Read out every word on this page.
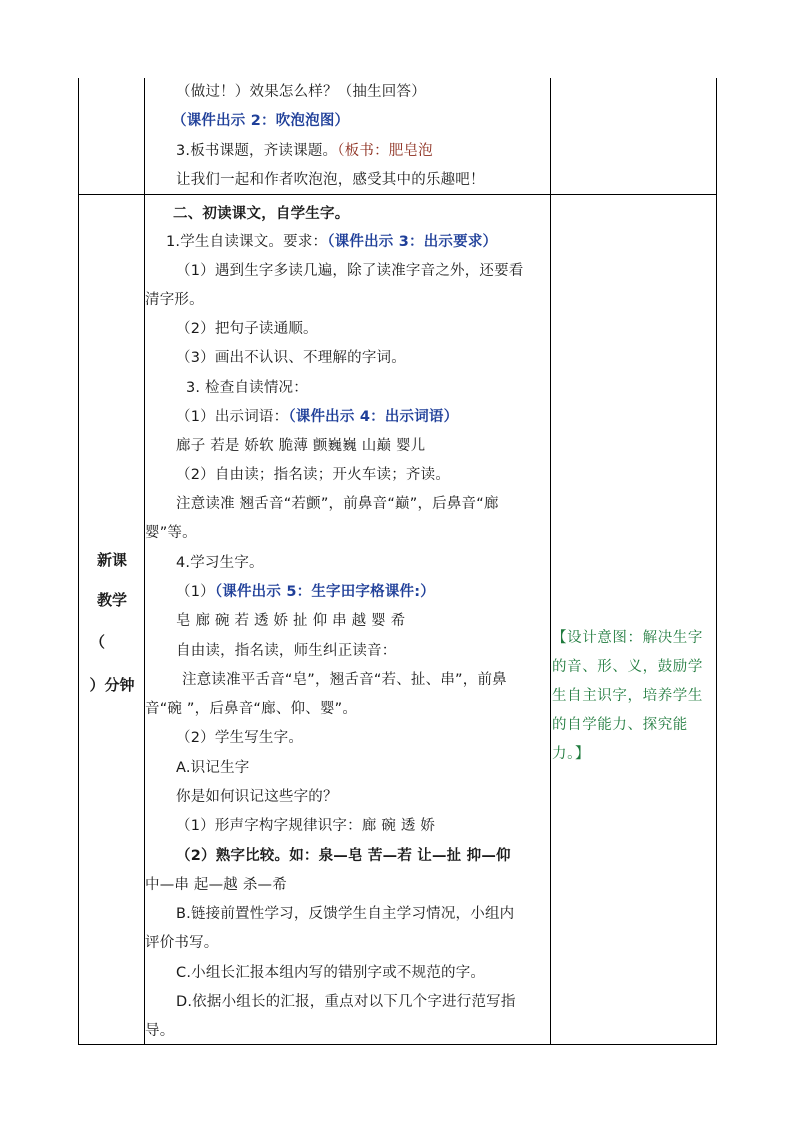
（做过！）效果怎么样？（抽生回答）
（课件出示 2：吹泡泡图）
3.板书课题，齐读课题。（板书：肥皂泡
让我们一起和作者吹泡泡，感受其中的乐趣吧！
新课
教学
（
）分钟
二、初读课文，自学生字。
1.学生自读课文。要求：（课件出示 3：出示要求）
（1）遇到生字多读几遍，除了读准字音之外，还要看
清字形。
（2）把句子读通顺。
（3）画出不认识、不理解的字词。
3. 检查自读情况：
（1）出示词语：（课件出示 4：出示词语）
廊子 若是 娇软 脆薄 颤巍巍 山巅 婴儿
（2）自由读；指名读；开火车读；齐读。
注意读准 翘舌音“若颤”，前鼻音“巅”，后鼻音“廊
婴”等。
4.学习生字。
（1）（课件出示 5：生字田字格课件:）
皂 廊 碗 若 透 娇 扯 仰 串 越 婴 希
自由读，指名读，师生纠正读音：
注意读准平舌音“皂”，翘舌音“若、扯、串”，前鼻
音“碗 ”，后鼻音“廊、仰、婴”。
（2）学生写生字。
A.识记生字
你是如何识记这些字的？
（1）形声字构字规律识字：廊 碗 透 娇
（2）熟字比较。如：泉—皂 苦—若 让—扯 抑—仰
中—串 起—越 杀—希
B.链接前置性学习，反馈学生自主学习情况，小组内
评价书写。
C.小组长汇报本组内写的错别字或不规范的字。
D.依据小组长的汇报，重点对以下几个字进行范写指
导。
【设计意图：解决生字
的音、形、义，鼓励学
生自主识字，培养学生
的自学能力、探究能
力。】
